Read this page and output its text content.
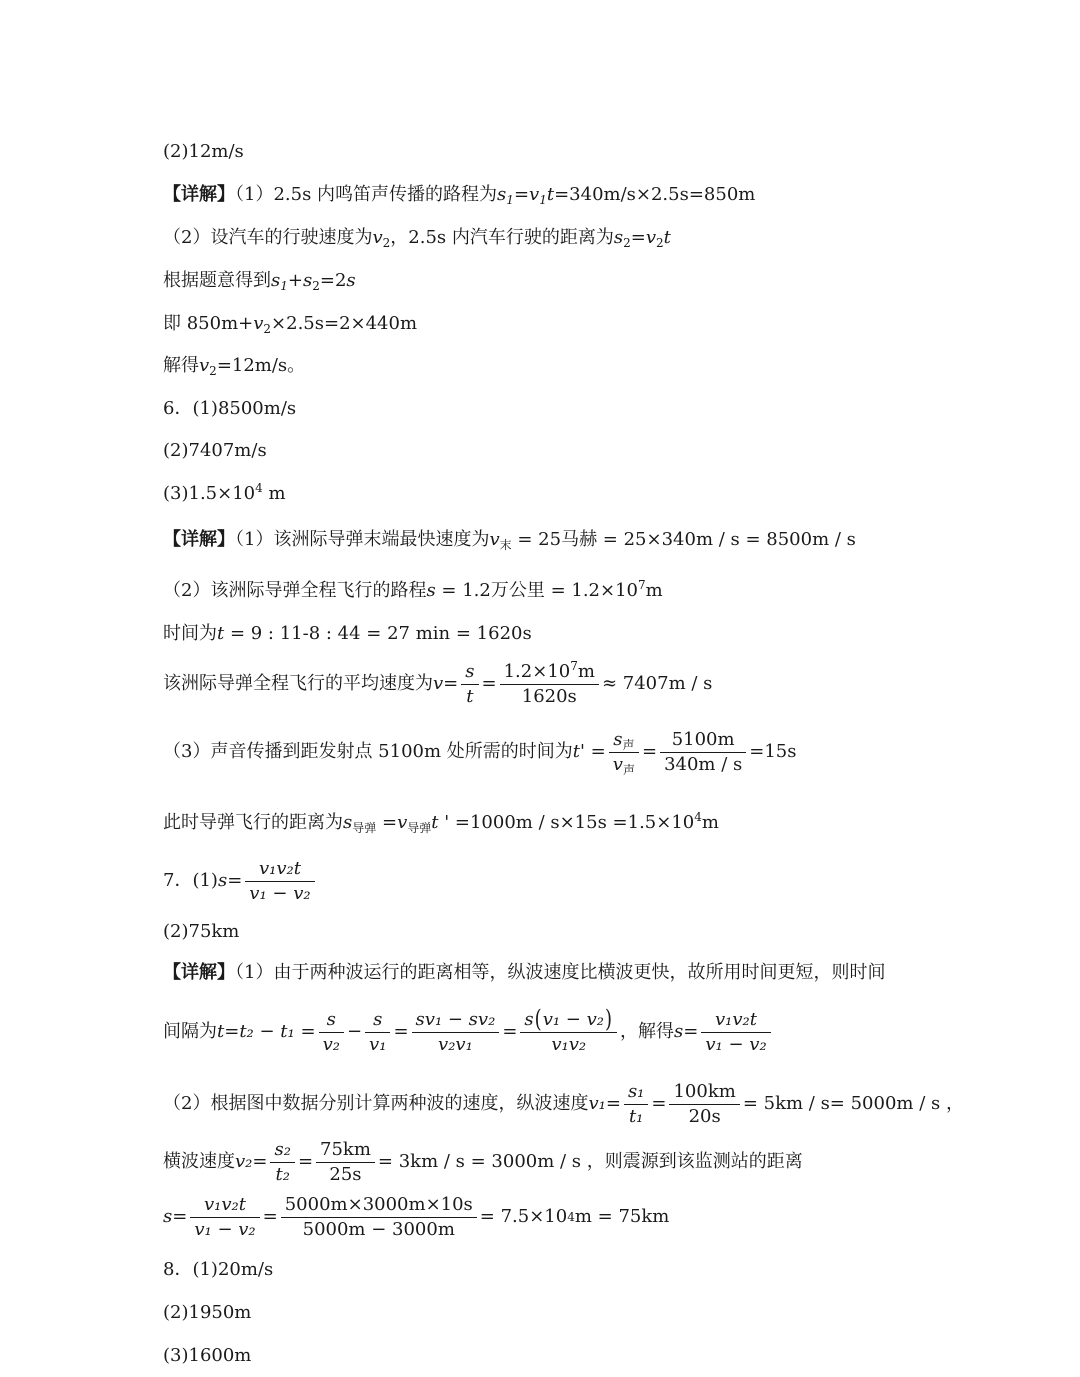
(2)12m/s
【详解】（1）2.5s 内鸣笛声传播的路程为$s_1=v_1t=340m/s\times 2.5s=850m$
（2）设汽车的行驶速度为$v_2$，2.5s 内汽车行驶的距离为$s_2=v_2t$
根据题意得到$s_1+s_2=2s$
即 $850m+v_2\times 2.5s=2\times 440m$
解得$v_2=12m/s$。
6．(1)8500m/s
(2)7407m/s
$(3)1.5\times 10^4$ m
【详解】（1）该洲际导弹末端最快速度为$v_末 = 25$马赫 = 25×340m / s = 8500m / s
（2）该洲际导弹全程飞行的路程s = 1.2万公里 = $1.2\times 10^7m$
时间为t = 9 : 11-8 : 44 = 27 min = 1620s
该洲际导弹全程飞行的平均速度为 $v = \frac{s}{t} = \frac{1.2\times 10^7m}{1620s} \approx 7407m / s$
（3）声音传播到距发射点 5100m 处所需的时间为 t ' = $\frac{s_声}{v_声} = \frac{5100m}{340m / s} =15s$
此时导弹飞行的距离为$s_{导弹} =v_{导弹}t$ ' $=1000m / s\times 15s =1.5\times 10^4m$
7．(1) $s = \frac{\text{v₁v₂t}}{\text{v₁ − v₂}}$
(2)75km
【详解】（1）由于两种波运行的距离相等，纵波速度比横波更快，故所用时间更短，则时间
间隔为 $t = t_2 - t_1 = \frac{s}{\text{v₂}} - \frac{s}{\text{v₁}} = \frac{\text{sv₁ − sv₂}}{\text{v₂v₁}} = \frac{\text{s(v₁ − v₂)}}{\text{v₁v₂}}$ ，解得 $s = \frac{\text{v₁v₂t}}{\text{v₁ − v₂}}$
（2）根据图中数据分别计算两种波的速度，纵波速度 $v_1 = \frac{\text{s₁}}{\text{t₁}} = \frac{100km}{20s} = 5km / s= 5000m / s$ ，
横波速度 $v_2 = \frac{\text{s₂}}{\text{t₂}} = \frac{75km}{25s} = 3km / s = 3000m / s$ ，则震源到该监测站的距离
$s = \frac{\text{v₁v₂t}}{\text{v₁ − v₂}} = \frac{5000m\times 3000m\times 10s}{5000m - 3000m} = 7.5\times 10$ 4 m = 75km
8．(1)20m/s
(2)1950m
(3)1600m
